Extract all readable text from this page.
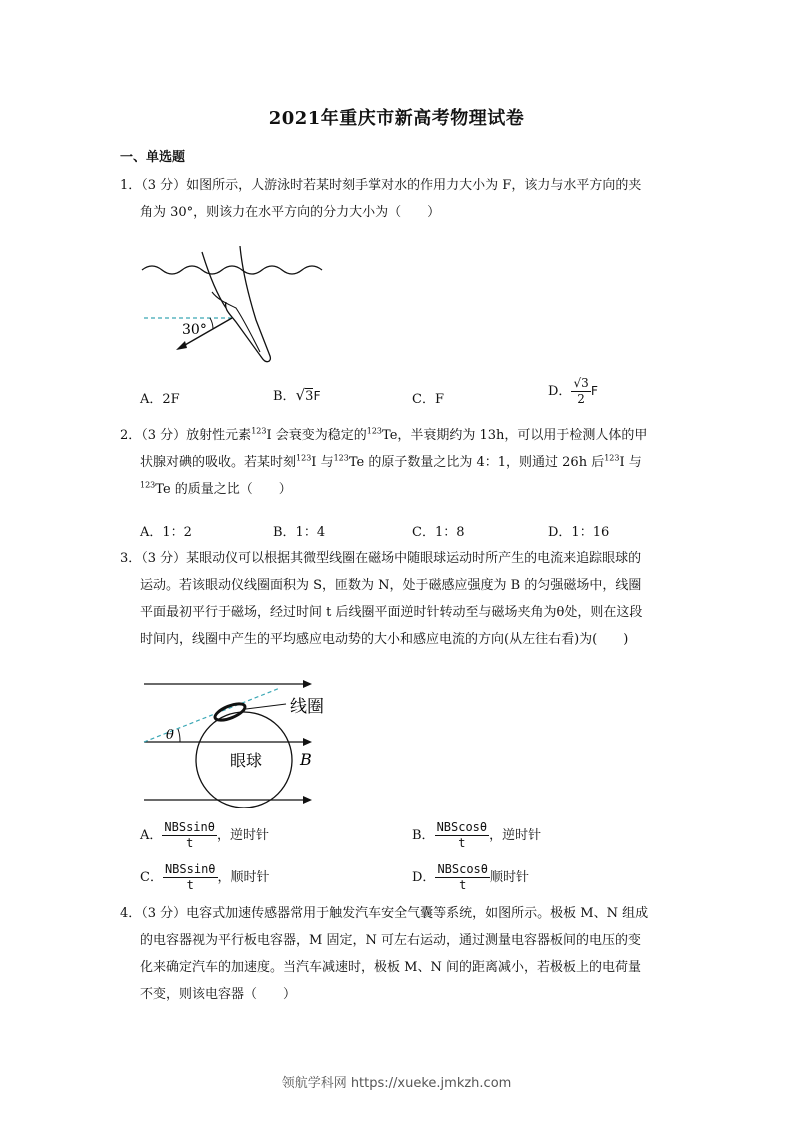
2021年重庆市新高考物理试卷
一、单选题
1．（3 分）如图所示，人游泳时若某时刻手掌对水的作用力大小为 F，该力与水平方向的夹

角为 30°，则该力在水平方向的分力大小为（　　）
30°
A．2F	B．√3F	C．F
D． $\frac{√3}{2}$ F
2．（3 分）放射性元素$^{123}$I 会衰变为稳定的$^{123}$Te，半衰期约为 13h，可以用于检测人体的甲

状腺对碘的吸收。若某时刻$^{123}$I 与$^{123}$Te 的原子数量之比为 4：1，则通过 26h 后$^{123}$I 与
$^{123}$Te 的质量之比（　　）
A．1：2	B．1：4	C．1：8	D．1：16
3．（3 分）某眼动仪可以根据其微型线圈在磁场中随眼球运动时所产生的电流来追踪眼球的

运动。若该眼动仪线圈面积为 S，匝数为 N，处于磁感应强度为 B 的匀强磁场中，线圈
平面最初平行于磁场，经过时间 t 后线圈平面逆时针转动至与磁场夹角为θ处，则在这段
时间内，线圈中产生的平均感应电动势的大小和感应电流的方向(从左往右看)为(　　)
θ
线圈
眼球 B
A． $\frac{\text{NBSsinθ}}{t}$ ，逆时针	B． $\frac{\text{NBScosθ}}{t}$ ，逆时针
C． $\frac{\text{NBSsinθ}}{t}$ ，顺时针	D． $\frac{\text{NBScosθ}}{t}$ 顺时针
4．（3 分）电容式加速传感器常用于触发汽车安全气囊等系统，如图所示。极板 M、N 组成

的电容器视为平行板电容器，M 固定，N 可左右运动，通过测量电容器板间的电压的变
化来确定汽车的加速度。当汽车减速时，极板 M、N 间的距离减小，若极板上的电荷量
不变，则该电容器（　　）
领航学科网 https://xueke.jmkzh.com
